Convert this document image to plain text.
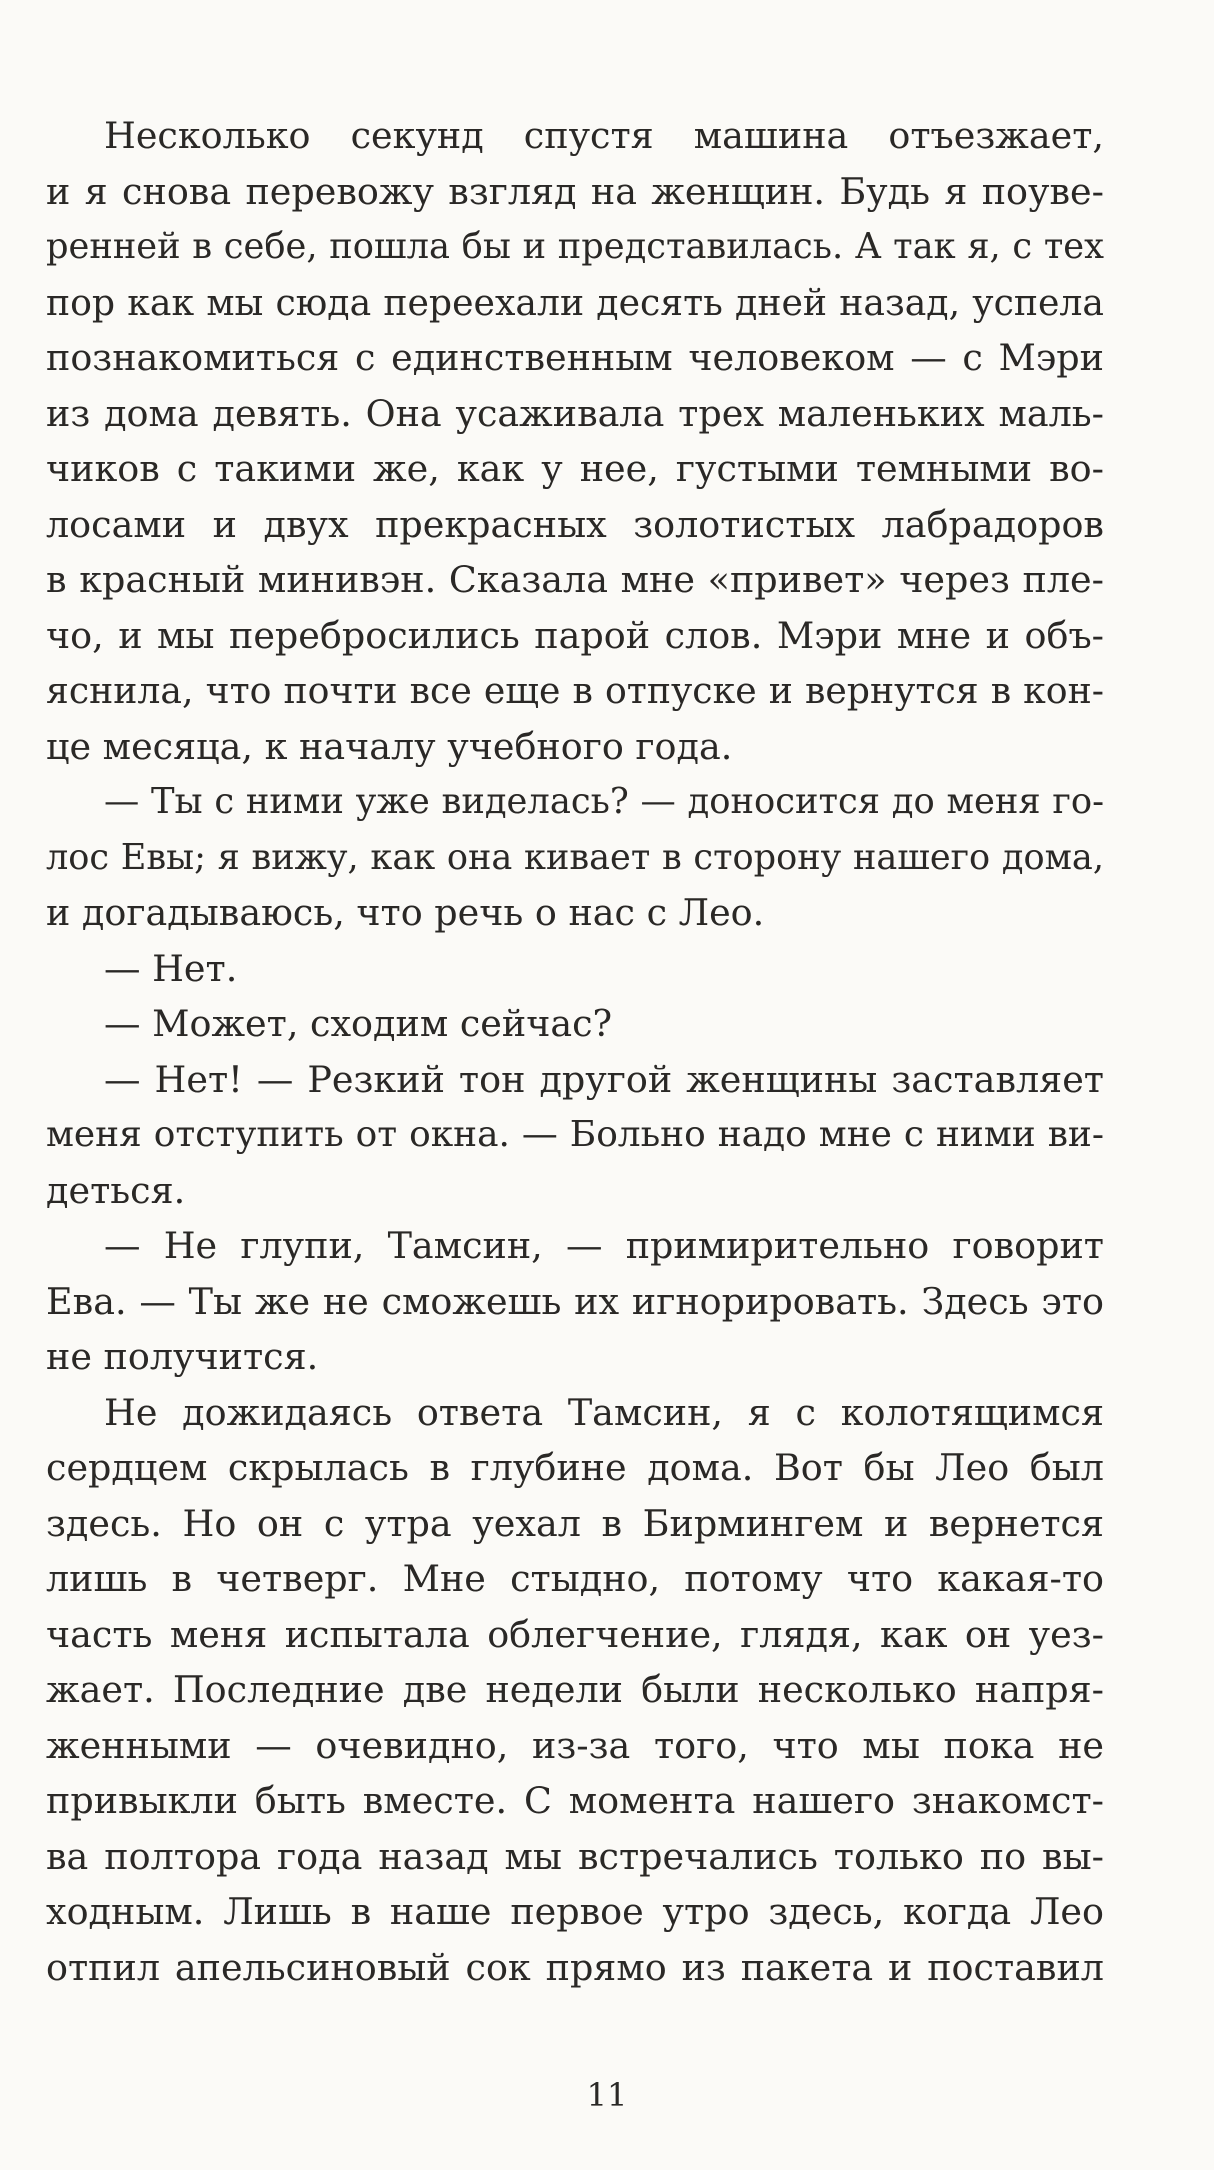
Несколько секунд спустя машина отъезжает,
и я снова перевожу взгляд на женщин. Будь я поуве-
ренней в себе, пошла бы и представилась. А так я, с тех
пор как мы сюда переехали десять дней назад, успела
познакомиться с единственным человеком — с Мэри
из дома девять. Она усаживала трех маленьких маль-
чиков с такими же, как у нее, густыми темными во-
лосами и двух прекрасных золотистых лабрадоров
в красный минивэн. Сказала мне «привет» через пле-
чо, и мы перебросились парой слов. Мэри мне и объ-
яснила, что почти все еще в отпуске и вернутся в кон-
це месяца, к началу учебного года.
— Ты с ними уже виделась? — доносится до меня го-
лос Евы; я вижу, как она кивает в сторону нашего дома,
и догадываюсь, что речь о нас с Лео.
— Нет.
— Может, сходим сейчас?
— Нет! — Резкий тон другой женщины заставляет
меня отступить от окна. — Больно надо мне с ними ви-
деться.
— Не глупи, Тамсин, — примирительно говорит
Ева. — Ты же не сможешь их игнорировать. Здесь это
не получится.
Не дожидаясь ответа Тамсин, я с колотящимся
сердцем скрылась в глубине дома. Вот бы Лео был
здесь. Но он с утра уехал в Бирмингем и вернется
лишь в четверг. Мне стыдно, потому что какая-то
часть меня испытала облегчение, глядя, как он уез-
жает. Последние две недели были несколько напря-
женными — очевидно, из-за того, что мы пока не
привыкли быть вместе. С момента нашего знакомст-
ва полтора года назад мы встречались только по вы-
ходным. Лишь в наше первое утро здесь, когда Лео
отпил апельсиновый сок прямо из пакета и поставил
11
